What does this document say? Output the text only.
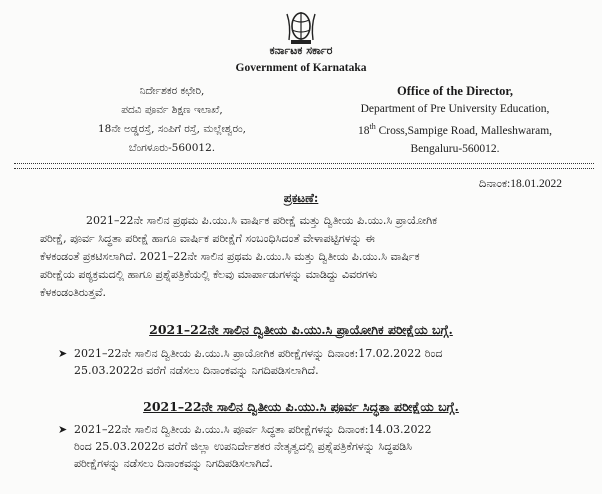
ಕರ್ನಾಟಕ ಸರ್ಕಾರ
Government of Karnataka
ನಿರ್ದೇಶಕರ ಕಛೇರಿ,
ಪದವಿ ಪೂರ್ವ ಶಿಕ್ಷಣ ಇಲಾಖೆ,
18ನೇ ಅಡ್ಡರಸ್ತೆ, ಸಂಪಿಗೆ ರಸ್ತೆ, ಮಲ್ಲೇಶ್ವರಂ,
ಬೆಂಗಳೂರು-560012.
Office of the Director,
Department of Pre University Education,
18th Cross,Sampige Road, Malleshwaram,
Bengaluru-560012.
ದಿನಾಂಕ:18.01.2022
ಪ್ರಕಟಣೆ:
2021–22ನೇ ಸಾಲಿನ ಪ್ರಥಮ ಪಿ.ಯು.ಸಿ ವಾರ್ಷಿಕ ಪರೀಕ್ಷೆ ಮತ್ತು ದ್ವಿತೀಯ ಪಿ.ಯು.ಸಿ ಪ್ರಾಯೋಗಿಕ
ಪರೀಕ್ಷೆ, ಪೂರ್ವ ಸಿದ್ಧತಾ ಪರೀಕ್ಷೆ ಹಾಗೂ ವಾರ್ಷಿಕ ಪರೀಕ್ಷೆಗೆ ಸಂಬಂಧಿಸಿದಂತೆ ವೇಳಾಪಟ್ಟಿಗಳನ್ನು ಈ
ಕೆಳಕಂಡಂತೆ ಪ್ರಕಟಿಸಲಾಗಿದೆ. 2021–22ನೇ ಸಾಲಿನ ಪ್ರಥಮ ಪಿ.ಯು.ಸಿ ಮತ್ತು ದ್ವಿತೀಯ ಪಿ.ಯು.ಸಿ ವಾರ್ಷಿಕ
ಪರೀಕ್ಷೆಯ ಪಠ್ಯಕ್ರಮದಲ್ಲಿ ಹಾಗೂ ಪ್ರಶ್ನೆಪತ್ರಿಕೆಯಲ್ಲಿ ಕೆಲವು ಮಾರ್ಪಾಡುಗಳನ್ನು ಮಾಡಿದ್ದು ವಿವರಗಳು
ಕೆಳಕಂಡಂತಿರುತ್ತವೆ.
2021–22ನೇ ಸಾಲಿನ ದ್ವಿತೀಯ ಪಿ.ಯು.ಸಿ ಪ್ರಾಯೋಗಿಕ ಪರೀಕ್ಷೆಯ ಬಗ್ಗೆ.
➤ 2021–22ನೇ ಸಾಲಿನ ದ್ವಿತೀಯ ಪಿ.ಯು.ಸಿ ಪ್ರಾಯೋಗಿಕ ಪರೀಕ್ಷೆಗಳನ್ನು ದಿನಾಂಕ:17.02.2022 ರಿಂದ
25.03.2022ರ ವರೆಗೆ ನಡೆಸಲು ದಿನಾಂಕವನ್ನು ನಿಗದಿಪಡಿಸಲಾಗಿದೆ.
2021–22ನೇ ಸಾಲಿನ ದ್ವಿತೀಯ ಪಿ.ಯು.ಸಿ ಪೂರ್ವ ಸಿದ್ಧತಾ ಪರೀಕ್ಷೆಯ ಬಗ್ಗೆ.
➤ 2021–22ನೇ ಸಾಲಿನ ದ್ವಿತೀಯ ಪಿ.ಯು.ಸಿ ಪೂರ್ವ ಸಿದ್ಧತಾ ಪರೀಕ್ಷೆಗಳನ್ನು ದಿನಾಂಕ:14.03.2022
ರಿಂದ 25.03.2022ರ ವರೆಗೆ ಜಿಲ್ಲಾ ಉಪನಿರ್ದೇಶಕರ ನೇತೃತ್ವದಲ್ಲಿ ಪ್ರಶ್ನೆಪತ್ರಿಕೆಗಳನ್ನು ಸಿದ್ಧಪಡಿಸಿ
ಪರೀಕ್ಷೆಗಳನ್ನು ನಡೆಸಲು ದಿನಾಂಕವನ್ನು ನಿಗದಿಪಡಿಸಲಾಗಿದೆ.
